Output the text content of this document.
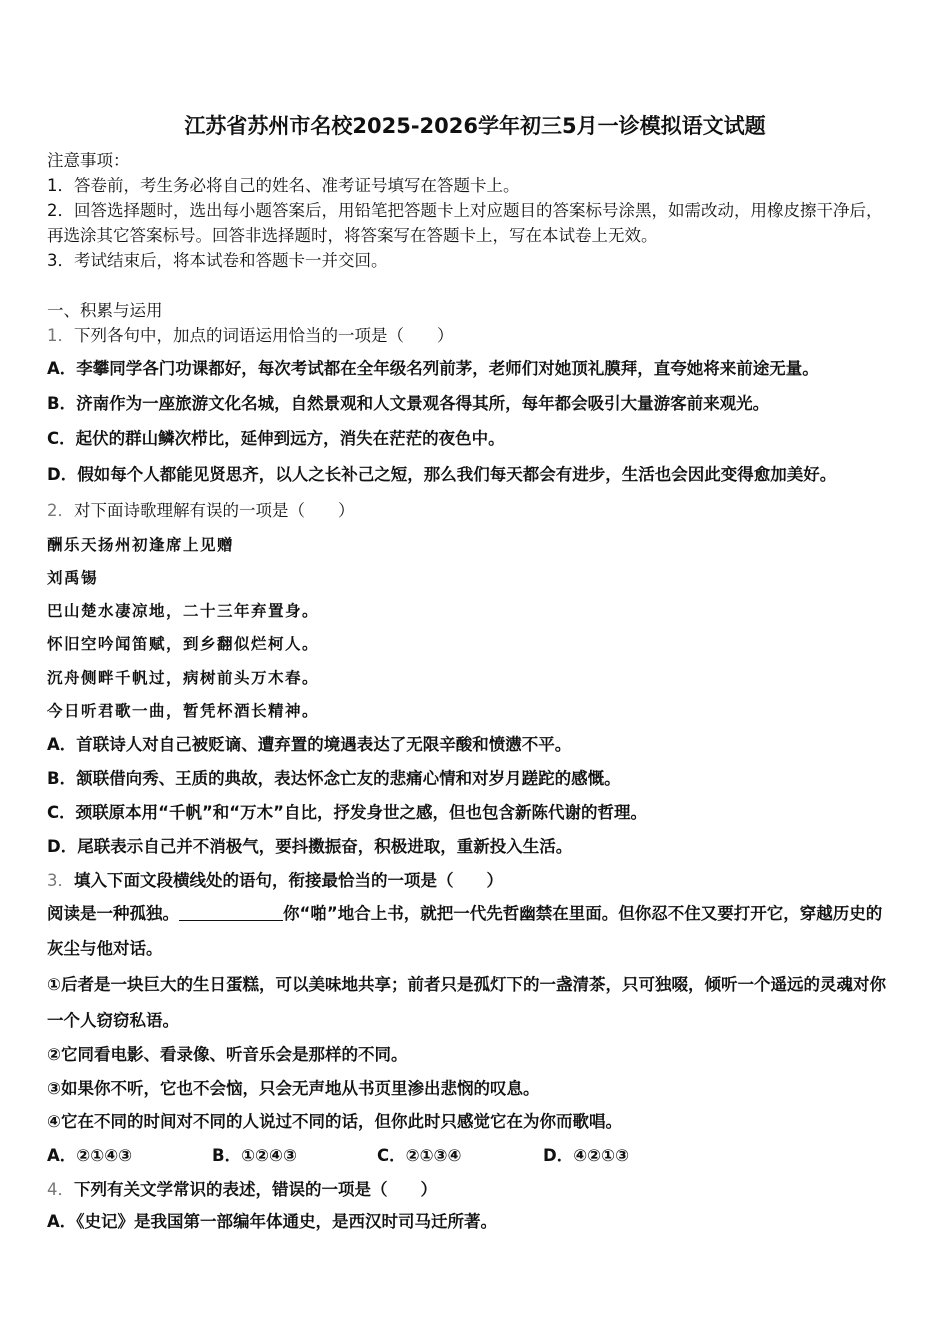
江苏省苏州市名校2025-2026学年初三5月一诊模拟语文试题
注意事项：
1．答卷前，考生务必将自己的姓名、准考证号填写在答题卡上。
2．回答选择题时，选出每小题答案后，用铅笔把答题卡上对应题目的答案标号涂黑，如需改动，用橡皮擦干净后，
再选涂其它答案标号。回答非选择题时，将答案写在答题卡上，写在本试卷上无效。
3．考试结束后，将本试卷和答题卡一并交回。
一、积累与运用
1．下列各句中，加点的词语运用恰当的一项是（　　）
A．李攀同学各门功课都好，每次考试都在全年级名列前茅，老师们对她顶礼膜拜，直夸她将来前途无量。
B．济南作为一座旅游文化名城，自然景观和人文景观各得其所，每年都会吸引大量游客前来观光。
C．起伏的群山鳞次栉比，延伸到远方，消失在茫茫的夜色中。
D．假如每个人都能见贤思齐，以人之长补己之短，那么我们每天都会有进步，生活也会因此变得愈加美好。
2．对下面诗歌理解有误的一项是（　　）
酬乐天扬州初逢席上见赠
刘禹锡
巴山楚水凄凉地，二十三年弃置身。
怀旧空吟闻笛赋，到乡翻似烂柯人。
沉舟侧畔千帆过，病树前头万木春。
今日听君歌一曲，暂凭杯酒长精神。
A．首联诗人对自己被贬谪、遭弃置的境遇表达了无限辛酸和愤懑不平。
B．颔联借向秀、王质的典故，表达怀念亡友的悲痛心情和对岁月蹉跎的感慨。
C．颈联原本用“千帆”和“万木”自比，抒发身世之感，但也包含新陈代谢的哲理。
D．尾联表示自己并不消极气，要抖擞振奋，积极进取，重新投入生活。
3．填入下面文段横线处的语句，衔接最恰当的一项是（　　）
阅读是一种孤独。	你“啪”地合上书，就把一代先哲幽禁在里面。但你忍不住又要打开它，穿越历史的
灰尘与他对话。
①后者是一块巨大的生日蛋糕，可以美味地共享；前者只是孤灯下的一盏清茶，只可独啜，倾听一个遥远的灵魂对你
一个人窃窃私语。
②它同看电影、看录像、听音乐会是那样的不同。
③如果你不听，它也不会恼，只会无声地从书页里渗出悲悯的叹息。
④它在不同的时间对不同的人说过不同的话，但你此时只感觉它在为你而歌唱。
A．②①④③	B．①②④③	C．②①③④	D．④②①③
4．下列有关文学常识的表述，错误的一项是（　　）
A．《史记》是我国第一部编年体通史，是西汉时司马迁所著。
